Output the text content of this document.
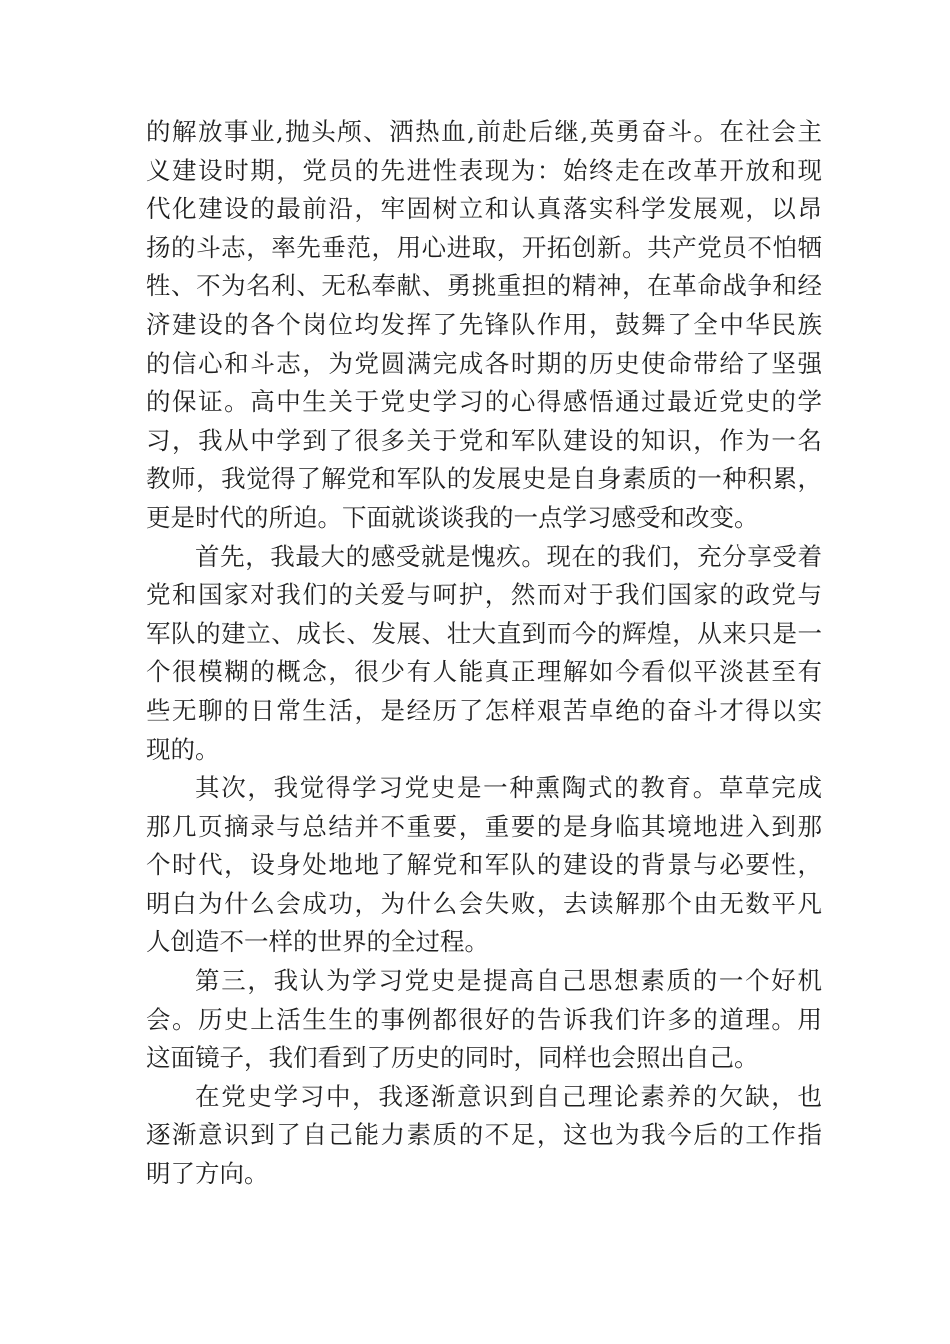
的解放事业,抛头颅、洒热血,前赴后继,英勇奋斗。在社会主
义建设时期，党员的先进性表现为：始终走在改革开放和现
代化建设的最前沿，牢固树立和认真落实科学发展观，以昂
扬的斗志，率先垂范，用心进取，开拓创新。共产党员不怕牺
牲、不为名利、无私奉献、勇挑重担的精神，在革命战争和经
济建设的各个岗位均发挥了先锋队作用，鼓舞了全中华民族
的信心和斗志，为党圆满完成各时期的历史使命带给了坚强
的保证。高中生关于党史学习的心得感悟通过最近党史的学
习，我从中学到了很多关于党和军队建设的知识，作为一名
教师，我觉得了解党和军队的发展史是自身素质的一种积累，
更是时代的所迫。下面就谈谈我的一点学习感受和改变。
首先，我最大的感受就是愧疚。现在的我们，充分享受着
党和国家对我们的关爱与呵护，然而对于我们国家的政党与
军队的建立、成长、发展、壮大直到而今的辉煌，从来只是一
个很模糊的概念，很少有人能真正理解如今看似平淡甚至有
些无聊的日常生活，是经历了怎样艰苦卓绝的奋斗才得以实
现的。
其次，我觉得学习党史是一种熏陶式的教育。草草完成
那几页摘录与总结并不重要，重要的是身临其境地进入到那
个时代，设身处地地了解党和军队的建设的背景与必要性，
明白为什么会成功，为什么会失败，去读解那个由无数平凡
人创造不一样的世界的全过程。
第三，我认为学习党史是提高自己思想素质的一个好机
会。历史上活生生的事例都很好的告诉我们许多的道理。用
这面镜子，我们看到了历史的同时，同样也会照出自己。
在党史学习中，我逐渐意识到自己理论素养的欠缺，也
逐渐意识到了自己能力素质的不足，这也为我今后的工作指
明了方向。
